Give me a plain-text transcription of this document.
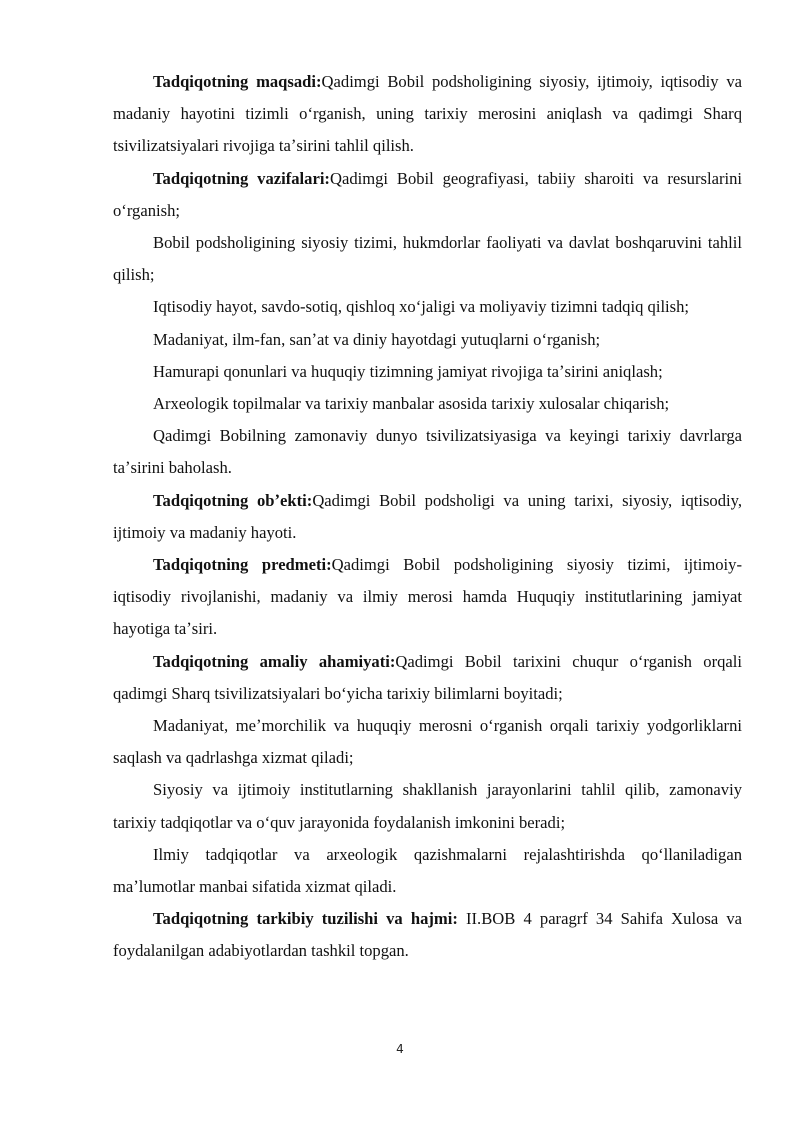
Tadqiqotning maqsadi:Qadimgi Bobil podsholigining siyosiy, ijtimoiy, iqtisodiy va madaniy hayotini tizimli oʻrganish, uning tarixiy merosini aniqlash va qadimgi Sharq tsivilizatsiyalari rivojiga taʼsirini tahlil qilish.

Tadqiqotning vazifalari:Qadimgi Bobil geografiyasi, tabiiy sharoiti va resurslarini oʻrganish;

Bobil podsholigining siyosiy tizimi, hukmdorlar faoliyati va davlat boshqaruvini tahlil qilish;

Iqtisodiy hayot, savdo-sotiq, qishloq xoʻjaligi va moliyaviy tizimni tadqiq qilish;

Madaniyat, ilm-fan, sanʼat va diniy hayotdagi yutuqlarni oʻrganish;

Hamurapi qonunlari va huquqiy tizimning jamiyat rivojiga taʼsirini aniqlash;

Arxeologik topilmalar va tarixiy manbalar asosida tarixiy xulosalar chiqarish;

Qadimgi Bobilning zamonaviy dunyo tsivilizatsiyasiga va keyingi tarixiy davrlarga taʼsirini baholash.

Tadqiqotning obʼekti:Qadimgi Bobil podsholigi va uning tarixi, siyosiy, iqtisodiy, ijtimoiy va madaniy hayoti.

Tadqiqotning predmeti:Qadimgi Bobil podsholigining siyosiy tizimi, ijtimoiy-iqtisodiy rivojlanishi, madaniy va ilmiy merosi hamda Huquqiy institutlarining jamiyat hayotiga taʼsiri.

Tadqiqotning amaliy ahamiyati:Qadimgi Bobil tarixini chuqur oʻrganish orqali qadimgi Sharq tsivilizatsiyalari boʻyicha tarixiy bilimlarni boyitadi;

Madaniyat, meʼmorchilik va huquqiy merosni oʻrganish orqali tarixiy yodgorliklarni saqlash va qadrlashga xizmat qiladi;

Siyosiy va ijtimoiy institutlarning shakllanish jarayonlarini tahlil qilib, zamonaviy tarixiy tadqiqotlar va oʻquv jarayonida foydalanish imkonini beradi;

Ilmiy tadqiqotlar va arxeologik qazishmalarni rejalashtirishda qoʻllaniladigan maʼlumotlar manbai sifatida xizmat qiladi.

Tadqiqotning tarkibiy tuzilishi va hajmi: II.BOB 4 paragrf 34 Sahifa Xulosa va foydalanilgan adabiyotlardan tashkil topgan.

4
